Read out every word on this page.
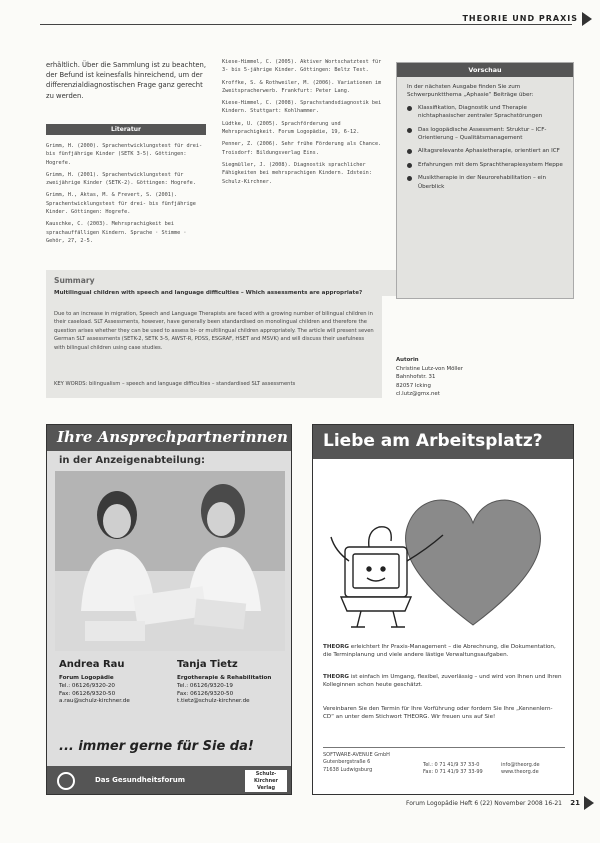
THEORIE UND PRAXIS
erhältlich. Über die Sammlung ist zu beachten, der Befund ist keinesfalls hinreichend, um der differenzialdiagnostischen Frage ganz gerecht zu werden.
Literatur
Grimm, H. (2000). Sprachentwicklungstest für drei- bis fünfjährige Kinder (SETK 3-5). Göttingen: Hogrefe.
Grimm, H. (2001). Sprachentwicklungstest für zweijährige Kinder (SETK-2). Göttingen: Hogrefe.
Grimm, H., Aktas, M. & Frevert, S. (2001). Sprachentwicklungstest für drei- bis fünfjährige Kinder. Göttingen: Hogrefe.
Kauschke, C. (2003). Mehrsprachigkeit bei sprachauffälligen Kindern. Sprache · Stimme · Gehör, 27, 2-5.
Kiese-Himmel, C. (2005). Aktiver Wortschatztest für 3- bis 5-jährige Kinder. Göttingen: Beltz Test.
Kroffke, S. & Rothweiler, M. (2006). Variationen im Zweitspracherwerb. Frankfurt: Peter Lang.
Kiese-Himmel, C. (2008). Sprachstandsdiagnostik bei Kindern. Stuttgart: Kohlhammer.
Lüdtke, U. (2005). Sprachförderung und Mehrsprachigkeit. Forum Logopädie, 19, 6-12.
Penner, Z. (2006). Sehr frühe Förderung als Chance. Troisdorf: Bildungsverlag Eins.
Siegmüller, J. (2008). Diagnostik sprachlicher Fähigkeiten bei mehrsprachigen Kindern. Idstein: Schulz-Kirchner.
Vorschau
In der nächsten Ausgabe finden Sie zum Schwerpunktthema „Aphasie“ Beiträge über:
Klassifikation, Diagnostik und Therapie nichtaphasischer zentraler Sprachstörungen
Das logopädische Assessment: Struktur – ICF-Orientierung – Qualitätsmanagement
Alltagsrelevante Aphasietherapie, orientiert an ICF
Erfahrungen mit dem Sprachtherapiesystem Heppe
Musiktherapie in der Neurorehabilitation – ein Überblick
Summary
Multilingual children with speech and language difficulties – Which assessments are appropriate?
Due to an increase in migration, Speech and Language Therapists are faced with a growing number of bilingual children in their caseload. SLT Assessments, however, have generally been standardised on monolingual children and therefore the question arises whether they can be used to assess bi- or multilingual children appropriately. The article will present seven German SLT assessments (SETK-2, SETK 3-5, AWST-R, PDSS, ESGRAF, HSET and MSVK) and will discuss their usefulness with bilingual children using case studies.
KEY WORDS: bilingualism – speech and language difficulties – standardised SLT assessments
Autorin
Christine Lutz-von Möller
Bahnhofstr. 31
82057 Icking
cl.lutz@gmx.net
Ihre Ansprechpartnerinnen
in der Anzeigenabteilung:
Andrea Rau
Forum Logopädie
Tel.: 06126/9320-20
Fax: 06126/9320-50
a.rau@schulz-kirchner.de
Tanja Tietz
Ergotherapie & Rehabilitation
Tel.: 06126/9320-19
Fax: 06126/9320-50
t.tietz@schulz-kirchner.de
... immer gerne für Sie da!
Das Gesundheitsforum
Schulz-Kirchner Verlag
Liebe am Arbeitsplatz?
THEORG erleichtert Ihr Praxis-Management – die Abrechnung, die Dokumentation, die Terminplanung und viele andere lästige Verwaltungsaufgaben.
THEORG ist einfach im Umgang, flexibel, zuverlässig – und wird von Ihnen und Ihren Kolleginnen schon heute geschätzt.
Vereinbaren Sie den Termin für Ihre Vorführung oder fordern Sie Ihre „Kennenlern-CD“ an unter dem Stichwort THEORG. Wir freuen uns auf Sie!
SOFTWARE-AVENUE GmbH
Gutenbergstraße 6
71638 Ludwigsburg
Tel.: 0 71 41/9 37 33-0
Fax: 0 71 41/9 37 33-99
info@theorg.de
www.theorg.de
Forum Logopädie Heft 6 (22) November 2008 16-21 21
